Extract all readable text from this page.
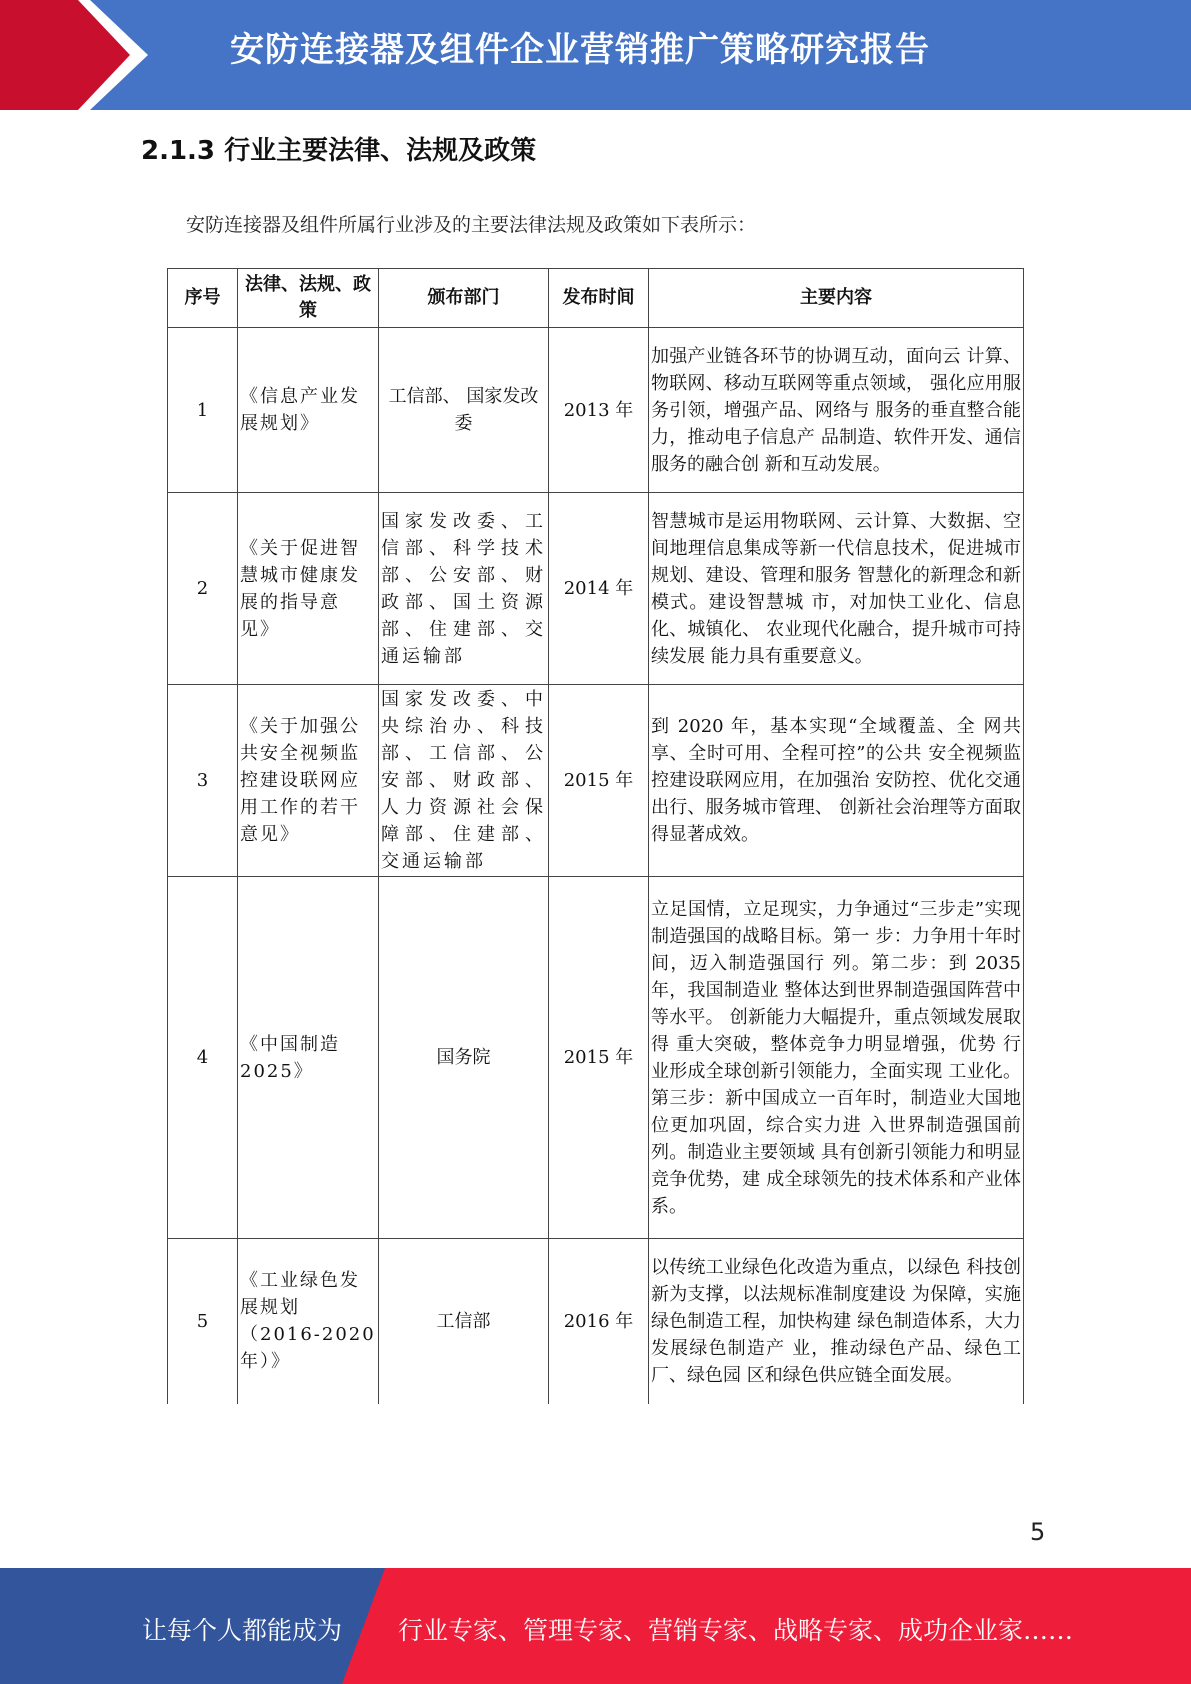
安防连接器及组件企业营销推广策略研究报告
2.1.3 行业主要法律、法规及政策
安防连接器及组件所属行业涉及的主要法律法规及政策如下表所示：
序号	法律、法规、政策	颁布部门	发布时间	主要内容
1	《信息产业发展规划》	工信部、 国家发改委	2013 年	加强产业链各环节的协调互动，面向云 计算、物联网、移动互联网等重点领域， 强化应用服务引领，增强产品、网络与 服务的垂直整合能力，推动电子信息产 品制造、软件开发、通信服务的融合创 新和互动发展。
2	《关于促进智慧城市健康发展的指导意 见》	国家发改委、工信部、科学技术部、公安部、财政部、国土资源部、住建部、交通运输部	2014 年	智慧城市是运用物联网、云计算、大数据、空间地理信息集成等新一代信息技术，促进城市规划、建设、管理和服务 智慧化的新理念和新模式。建设智慧城 市，对加快工业化、信息化、城镇化、 农业现代化融合，提升城市可持续发展 能力具有重要意义。
3	《关于加强公共安全视频监控建设联网应用工作的若干意见》	国家发改委、中央综治办、科技部、工信部、公安部、财政部、人力资源社会保障部、住建部、交通运输部	2015 年	到 2020 年，基本实现“全域覆盖、全 网共享、全时可用、全程可控”的公共 安全视频监控建设联网应用，在加强治 安防控、优化交通出行、服务城市管理、 创新社会治理等方面取得显著成效。
4	《中国制造 2025》	国务院	2015 年	立足国情，立足现实，力争通过“三步走”实现制造强国的战略目标。第一 步：力争用十年时间，迈入制造强国行 列。第二步：到 2035 年，我国制造业 整体达到世界制造强国阵营中等水平。 创新能力大幅提升，重点领域发展取得 重大突破，整体竞争力明显增强，优势 行业形成全球创新引领能力，全面实现 工业化。第三步：新中国成立一百年时，制造业大国地位更加巩固，综合实力进 入世界制造强国前列。制造业主要领域 具有创新引领能力和明显竞争优势，建 成全球领先的技术体系和产业体系。
5	《工业绿色发展规划（2016-2020 年）》	工信部	2016 年	以传统工业绿色化改造为重点，以绿色 科技创新为支撑，以法规标准制度建设 为保障，实施绿色制造工程，加快构建 绿色制造体系，大力发展绿色制造产 业，推动绿色产品、绿色工厂、绿色园 区和绿色供应链全面发展。
5
让每个人都能成为 行业专家、管理专家、营销专家、战略专家、成功企业家……
